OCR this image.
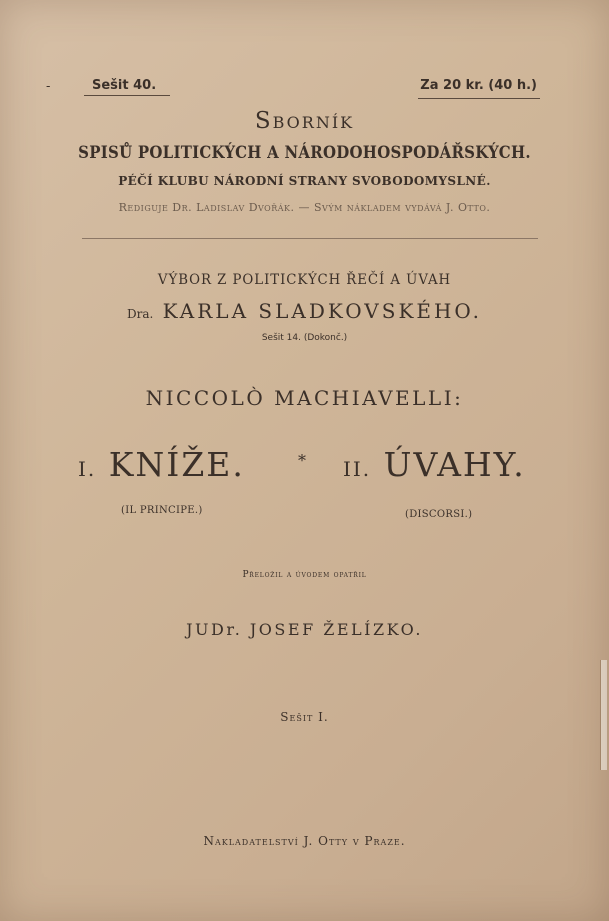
-	Sešit 40.	Za 20 kr. (40 h.)
Sborník
SPISŮ POLITICKÝCH A NÁRODOHOSPODÁŘSKÝCH.
PÉČÍ KLUBU NÁRODNÍ STRANY SVOBODOMYSLNÉ.
Rediguje Dr. Ladislav Dvořák. — Svým nákladem vydává J. Otto.
VÝBOR Z POLITICKÝCH ŘEČÍ A ÚVAH
Dra. KARLA SLADKOVSKÉHO.
Sešit 14. (Dokonč.)
NICCOLÒ MACHIAVELLI:
I. KNÍŽE.	* II. ÚVAHY.
(IL PRINCIPE.)	(DISCORSI.)
Přeložil a úvodem opatřil
JUDr. JOSEF ŽELÍZKO.
Sešit I.
Nakladatelství J. Otty v Praze.
